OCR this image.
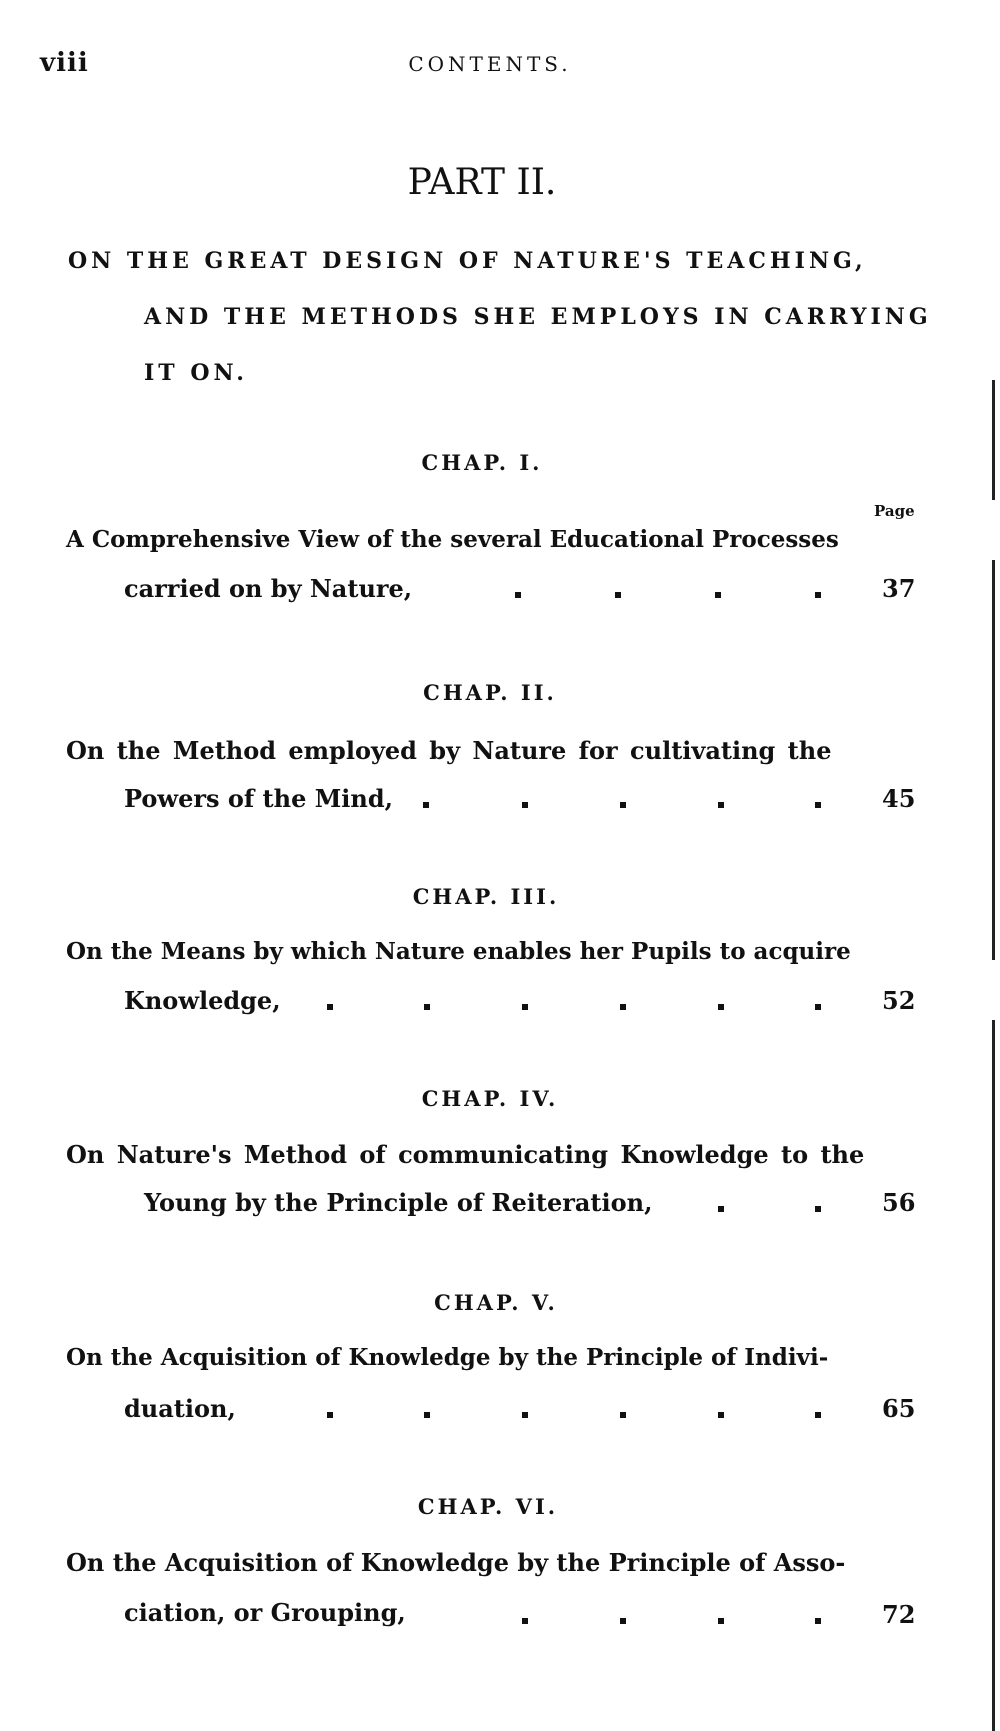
viii	CONTENTS.
PART II.
ON THE GREAT DESIGN OF NATURE'S TEACHING,
AND THE METHODS SHE EMPLOYS IN CARRYING
IT ON.
CHAP. I.
Page
A Comprehensive View of the several Educational Processes
carried on by Nature,	37
CHAP. II.
On the Method employed by Nature for cultivating the
Powers of the Mind,	45
CHAP. III.
On the Means by which Nature enables her Pupils to acquire
Knowledge,	52
CHAP. IV.
On Nature's Method of communicating Knowledge to the
Young by the Principle of Reiteration,	56
CHAP. V.
On the Acquisition of Knowledge by the Principle of Indivi-
duation,	65
CHAP. VI.
On the Acquisition of Knowledge by the Principle of Asso-
ciation, or Grouping,	72
